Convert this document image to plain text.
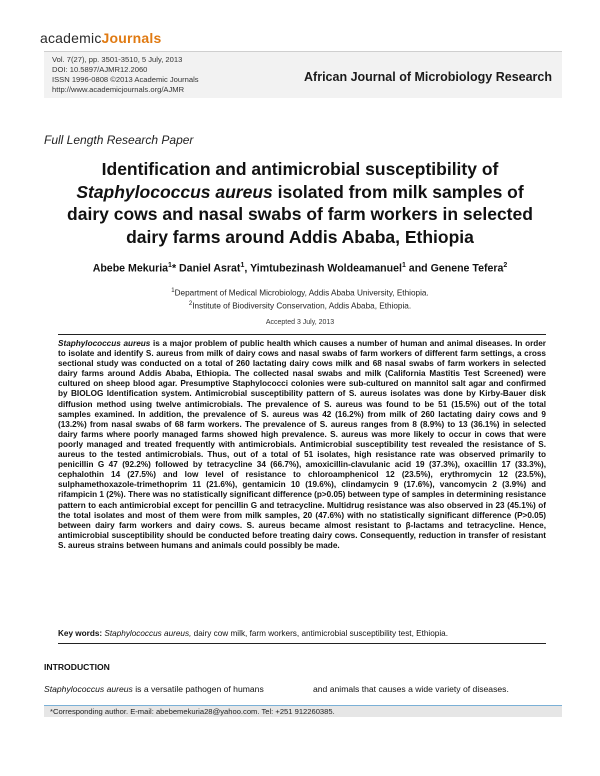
academicJournals
Vol. 7(27), pp. 3501-3510, 5 July, 2013
DOI: 10.5897/AJMR12.2060
ISSN 1996-0808 ©2013 Academic Journals
http://www.academicjournals.org/AJMR
African Journal of Microbiology Research
Full Length Research Paper
Identification and antimicrobial susceptibility of
Staphylococcus aureus isolated from milk samples of
dairy cows and nasal swabs of farm workers in selected
dairy farms around Addis Ababa, Ethiopia
Abebe Mekuria$^1$* Daniel Asrat$^1$, Yimtubezinash Woldeamanuel$^1$ and Genene Tefera$^2$
$^1$Department of Medical Microbiology, Addis Ababa University, Ethiopia.
$^2$Institute of Biodiversity Conservation, Addis Ababa, Ethiopia.
Accepted 3 July, 2013

Staphylococcus aureus is a major problem of public health which causes a number of human and animal diseases. In order to isolate and identify S. aureus from milk of dairy cows and nasal swabs of farm workers of different farm settings, a cross sectional study was conducted on a total of 260 lactating dairy cows milk and 68 nasal swabs of farm workers in selected dairy farms around Addis Ababa, Ethiopia. The collected nasal swabs and milk (California Mastitis Test Screened) were cultured on sheep blood agar. Presumptive Staphylococci colonies were sub-cultured on mannitol salt agar and confirmed by BIOLOG Identification system. Antimicrobial susceptibility pattern of S. aureus isolates was done by Kirby-Bauer disk diffusion method using twelve antimicrobials. The prevalence of S. aureus was found to be 51 (15.5%) out of the total samples examined. In addition, the prevalence of S. aureus was 42 (16.2%) from milk of 260 lactating dairy cows and 9 (13.2%) from nasal swabs of 68 farm workers. The prevalence of S. aureus ranges from 8 (8.9%) to 13 (36.1%) in selected dairy farms where poorly managed farms showed high prevalence. S. aureus was more likely to occur in cows that were poorly managed and treated frequently with antimicrobials. Antimicrobial susceptibility test revealed the resistance of S. aureus to the tested antimicrobials. Thus, out of a total of 51 isolates, high resistance rate was observed primarily to penicillin G 47 (92.2%) followed by tetracycline 34 (66.7%), amoxicillin-clavulanic acid 19 (37.3%), oxacillin 17 (33.3%), cephalothin 14 (27.5%) and low level of resistance to chloroamphenicol 12 (23.5%), erythromycin 12 (23.5%), sulphamethoxazole-trimethoprim 11 (21.6%), gentamicin 10 (19.6%), clindamycin 9 (17.6%), vancomycin 2 (3.9%) and rifampicin 1 (2%). There was no statistically significant difference (p>0.05) between type of samples in determining resistance pattern to each antimicrobial except for pencillin G and tetracycline. Multidrug resistance was also observed in 23 (45.1%) of the total isolates and most of them were from milk samples, 20 (47.6%) with no statistically significant difference (P>0.05) between dairy farm workers and dairy cows. S. aureus became almost resistant to β-lactams and tetracycline. Hence, antimicrobial susceptibility should be conducted before treating dairy cows. Consequently, reduction in transfer of resistant S. aureus strains between humans and animals could possibly be made.

Key words: Staphylococcus aureus, dairy cow milk, farm workers, antimicrobial susceptibility test, Ethiopia.
INTRODUCTION
Staphylococcus aureus is a versatile pathogen of humans	and animals that causes a wide variety of diseases.
*Corresponding author. E-mail: abebemekuria28@yahoo.com. Tel: +251 912260385.
